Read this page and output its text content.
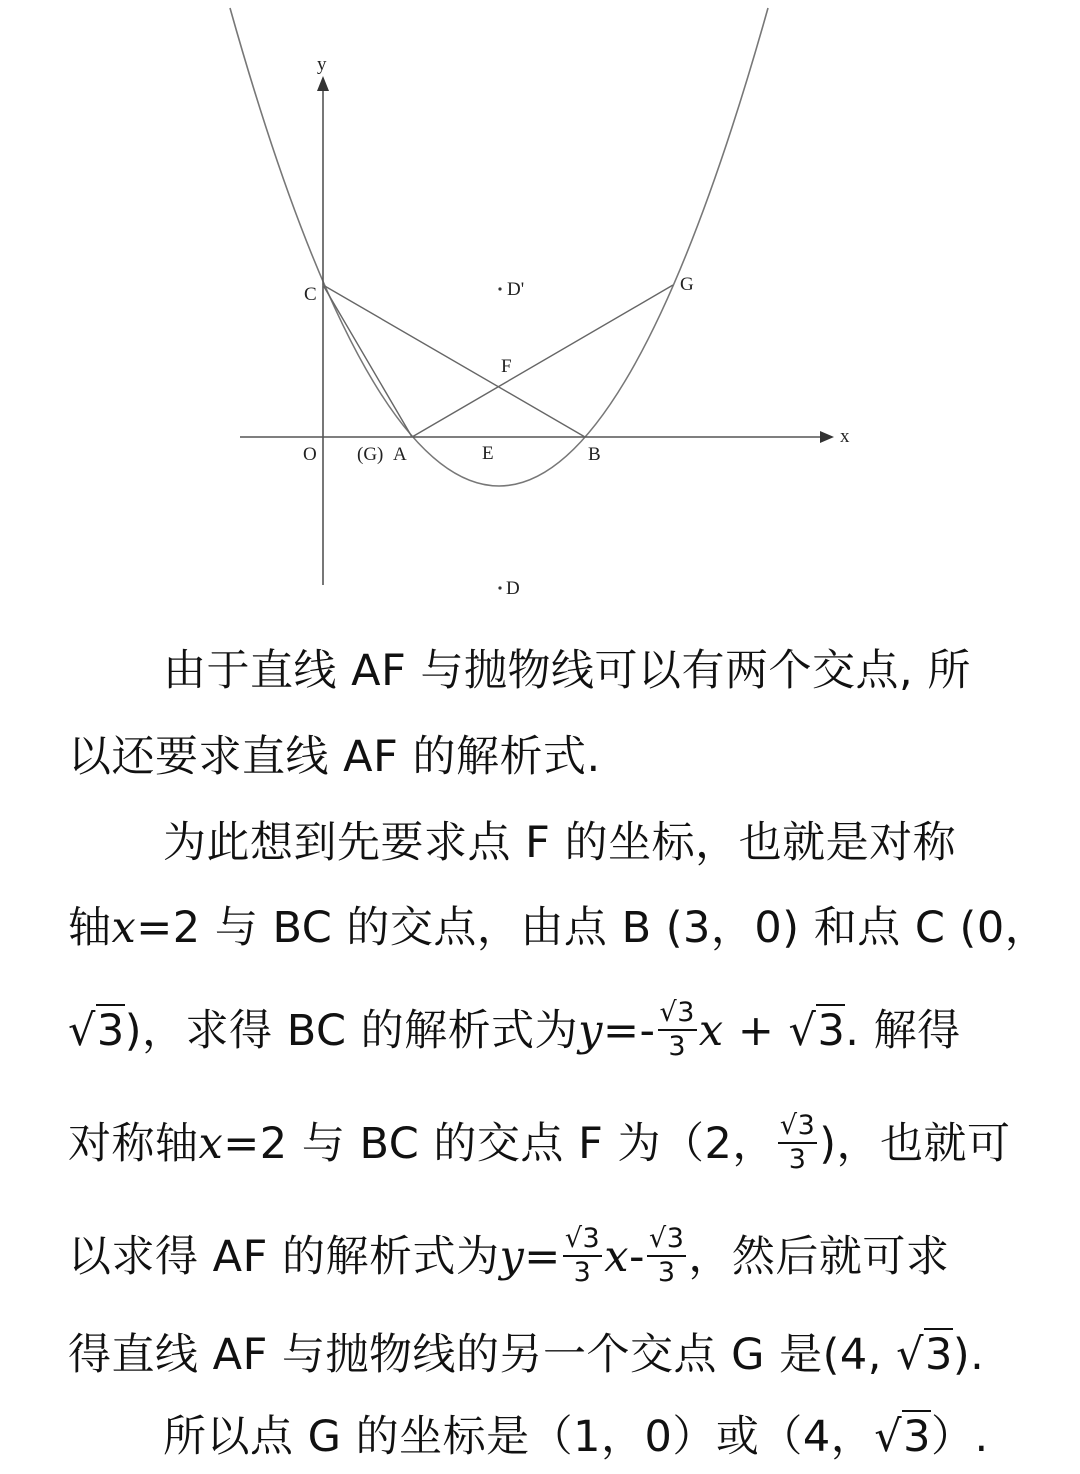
y
x
O
C	D'	G
F
(G) A	E	B
D
由于直线 AF 与抛物线可以有两个交点, 所
以还要求直线 AF 的解析式.
为此想到先要求点 F 的坐标，也就是对称
轴x=2 与 BC 的交点，由点 B (3，0) 和点 C (0，
√3)，求得 BC 的解析式为$y=- \frac{√3}{3}$ x + √3. 解得
对称轴x=2 与 BC 的交点 F 为（2， $\frac{√3}{3}$ )，也就可
以求得 AF 的解析式为$y= \frac{√3}{3} x- \frac{√3}{3}$ ，然后就可求
得直线 AF 与抛物线的另一个交点 G 是(4, √3).
所以点 G 的坐标是（1，0）或（4，√3）.
